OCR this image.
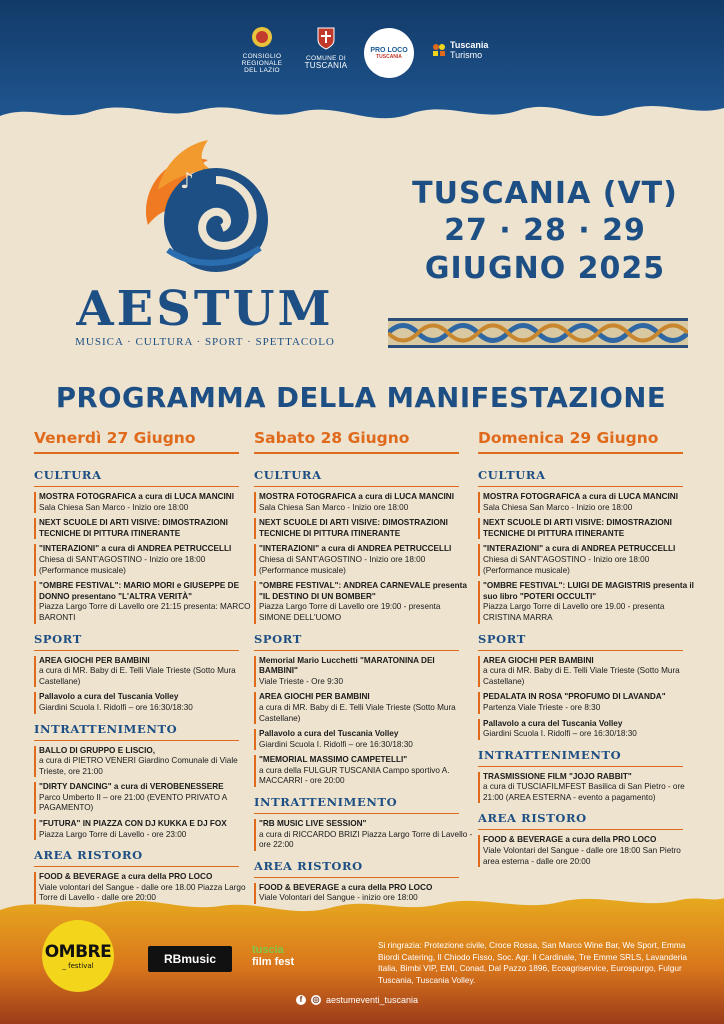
CONSIGLIO REGIONALE DEL LAZIO
COMUNE DI
TUSCANIA
PRO LOCO
TUSCANIA
Tuscania
Turismo
♪ ✦
AESTUM
MUSICA · CULTURA · SPORT · SPETTACOLO
TUSCANIA (VT)
27 · 28 · 29
GIUGNO 2025
PROGRAMMA DELLA MANIFESTAZIONE
Venerdì 27 Giugno
CULTURA
MOSTRA FOTOGRAFICA a cura di LUCA MANCINI
Sala Chiesa San Marco - Inizio ore 18:00
NEXT SCUOLE DI ARTI VISIVE: DIMOSTRAZIONI TECNICHE DI PITTURA ITINERANTE
"INTERAZIONI" a cura di ANDREA PETRUCCELLI
Chiesa di SANT'AGOSTINO - Inizio ore 18:00 (Performance musicale)
"OMBRE FESTIVAL": MARIO MORI e GIUSEPPE DE DONNO presentano "L'ALTRA VERITÀ"
Piazza Largo Torre di Lavello ore 21:15 presenta: MARCO BARONTI
SPORT
AREA GIOCHI PER BAMBINI
a cura di MR. Baby di E. Telli Viale Trieste (Sotto Mura Castellane)
Pallavolo a cura del Tuscania Volley
Giardini Scuola I. Ridolfi – ore 16:30/18:30
INTRATTENIMENTO
BALLO DI GRUPPO E LISCIO,
a cura di PIETRO VENERI Giardino Comunale di Viale Trieste, ore 21:00
"DIRTY DANCING" a cura di VEROBENESSERE
Parco Umberto II – ore 21:00 (EVENTO PRIVATO A PAGAMENTO)
"FUTURA" IN PIAZZA CON DJ KUKKA E DJ FOX
Piazza Largo Torre di Lavello - ore 23:00
AREA RISTORO
FOOD & BEVERAGE a cura della PRO LOCO
Viale volontari del Sangue - dalle ore 18.00 Piazza Largo Torre di Lavello - dalle ore 20:00
Sabato 28 Giugno
CULTURA
MOSTRA FOTOGRAFICA a cura di LUCA MANCINI
Sala Chiesa San Marco - Inizio ore 18:00
NEXT SCUOLE DI ARTI VISIVE: DIMOSTRAZIONI TECNICHE DI PITTURA ITINERANTE
"INTERAZIONI" a cura di ANDREA PETRUCCELLI
Chiesa di SANT'AGOSTINO - Inizio ore 18:00 (Performance musicale)
"OMBRE FESTIVAL": ANDREA CARNEVALE presenta "IL DESTINO DI UN BOMBER"
Piazza Largo Torre di Lavello ore 19:00 - presenta SIMONE DELL'UOMO
SPORT
Memorial Mario Lucchetti "MARATONINA DEI BAMBINI"
Viale Trieste - Ore 9:30
AREA GIOCHI PER BAMBINI
a cura di MR. Baby di E. Telli Viale Trieste (Sotto Mura Castellane)
Pallavolo a cura del Tuscania Volley
Giardini Scuola I. Ridolfi – ore 16:30/18:30
"MEMORIAL MASSIMO CAMPETELLI"
a cura della FULGUR TUSCANIA Campo sportivo A. MACCARRI - ore 20:00
INTRATTENIMENTO
"RB MUSIC LIVE SESSION"
a cura di RICCARDO BRIZI Piazza Largo Torre di Lavello - ore 22:00
AREA RISTORO
FOOD & BEVERAGE a cura della PRO LOCO
Viale Volontari del Sangue - inizio ore 18:00
Domenica 29 Giugno
CULTURA
MOSTRA FOTOGRAFICA a cura di LUCA MANCINI
Sala Chiesa San Marco - Inizio ore 18:00
NEXT SCUOLE DI ARTI VISIVE: DIMOSTRAZIONI TECNICHE DI PITTURA ITINERANTE
"INTERAZIONI" a cura di ANDREA PETRUCCELLI
Chiesa di SANT'AGOSTINO - Inizio ore 18:00 (Performance musicale)
"OMBRE FESTIVAL": LUIGI DE MAGISTRIS presenta il suo libro "POTERI OCCULTI"
Piazza Largo Torre di Lavello ore 19.00 - presenta CRISTINA MARRA
SPORT
AREA GIOCHI PER BAMBINI
a cura di MR. Baby di E. Telli Viale Trieste (Sotto Mura Castellane)
PEDALATA IN ROSA "PROFUMO DI LAVANDA"
Partenza Viale Trieste - ore 8:30
Pallavolo a cura del Tuscania Volley
Giardini Scuola I. Ridolfi – ore 16:30/18:30
INTRATTENIMENTO
TRASMISSIONE FILM "JOJO RABBIT"
a cura di TUSCIAFILMFEST Basilica di San Pietro - ore 21:00 (AREA ESTERNA - evento a pagamento)
AREA RISTORO
FOOD & BEVERAGE a cura della PRO LOCO
Viale Volontari del Sangue - dalle ore 18:00 San Pietro area esterna - dalle ore 20:00
OMBRE
_ festival	RBmusic
tuscia
film fest
Si ringrazia: Protezione civile, Croce Rossa, San Marco Wine Bar, We Sport, Emma Biordi Catering, Il Chiodo Fisso, Soc. Agr. Il Cardinale, Tre Emme SRLS, Lavanderia Italia, Bimbi VIP, EMI, Conad, Dal Pazzo 1896, Ecoagriservice, Eurospurgo, Fulgur Tuscania, Tuscania Volley.
f	◎ aestumeventi_tuscania
